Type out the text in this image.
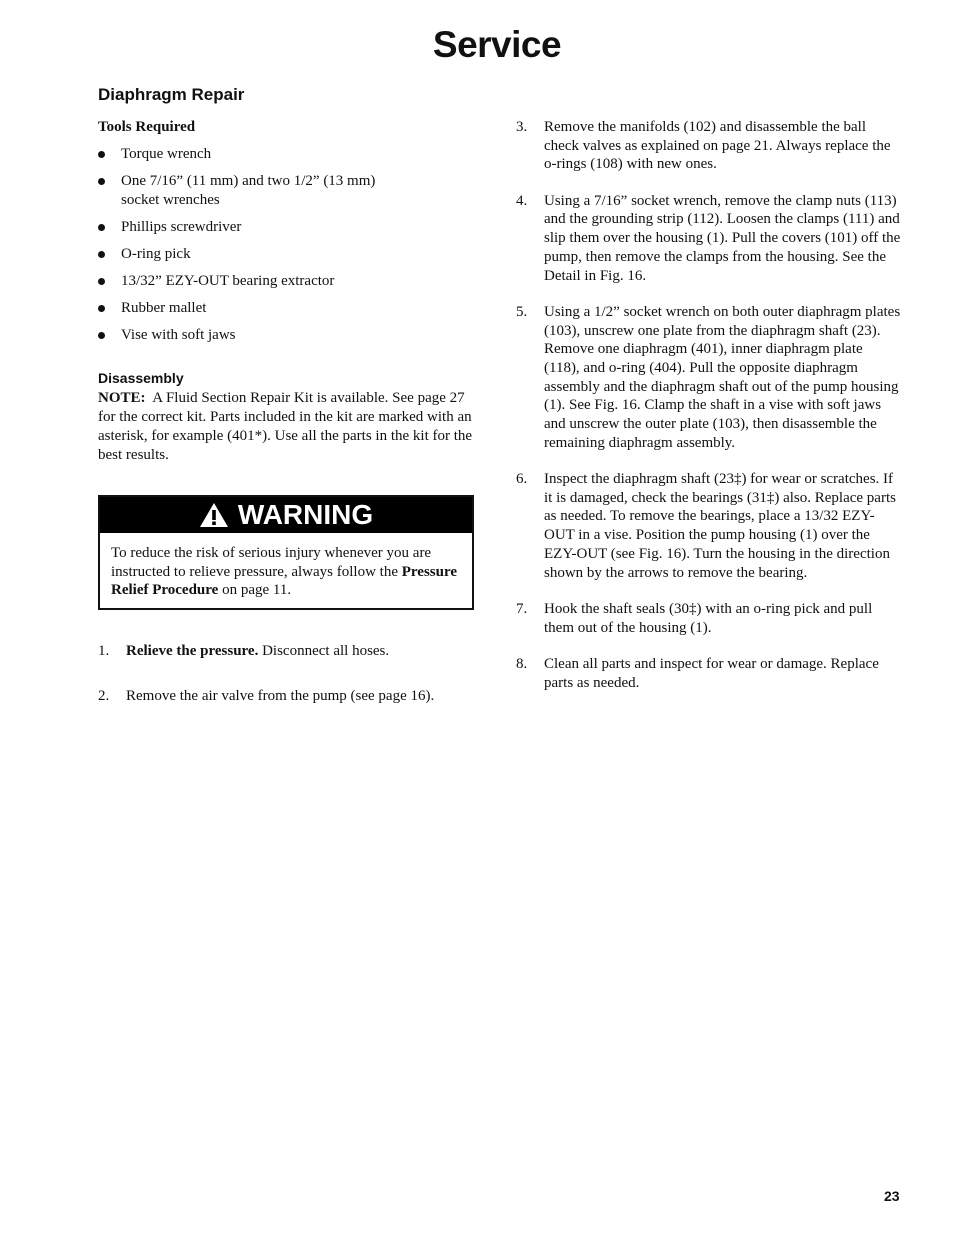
Service
Diaphragm Repair

Tools Required

Torque wrench
One 7/16” (11 mm) and two 1/2” (13 mm) socket wrenches
Phillips screwdriver
O-ring pick
13/32” EZY-OUT bearing extractor
Rubber mallet
Vise with soft jaws
Disassembly

NOTE: A Fluid Section Repair Kit is available. See page 27 for the correct kit. Parts included in the kit are marked with an asterisk, for example (401*). Use all the parts in the kit for the best results.

WARNING
To reduce the risk of serious injury whenever you are instructed to relieve pressure, always follow the Pressure Relief Procedure on page 11.
1. Relieve the pressure. Disconnect all hoses.
2. Remove the air valve from the pump (see page 16).
3. Remove the manifolds (102) and disassemble the ball check valves as explained on page 21. Always replace the o-rings (108) with new ones.
4. Using a 7/16” socket wrench, remove the clamp nuts (113) and the grounding strip (112). Loosen the clamps (111) and slip them over the housing (1). Pull the covers (101) off the pump, then remove the clamps from the housing. See the Detail in Fig. 16.
5. Using a 1/2” socket wrench on both outer diaphragm plates (103), unscrew one plate from the diaphragm shaft (23). Remove one diaphragm (401), inner diaphragm plate (118), and o-ring (404). Pull the opposite diaphragm assembly and the diaphragm shaft out of the pump housing (1). See Fig. 16. Clamp the shaft in a vise with soft jaws and unscrew the outer plate (103), then disassemble the remaining diaphragm assembly.
6. Inspect the diaphragm shaft (23‡) for wear or scratches. If it is damaged, check the bearings (31‡) also. Replace parts as needed. To remove the bearings, place a 13/32 EZY-OUT in a vise. Position the pump housing (1) over the EZY-OUT (see Fig. 16). Turn the housing in the direction shown by the arrows to remove the bearing.
7. Hook the shaft seals (30‡) with an o-ring pick and pull them out of the housing (1).
8. Clean all parts and inspect for wear or damage. Replace parts as needed.
23
